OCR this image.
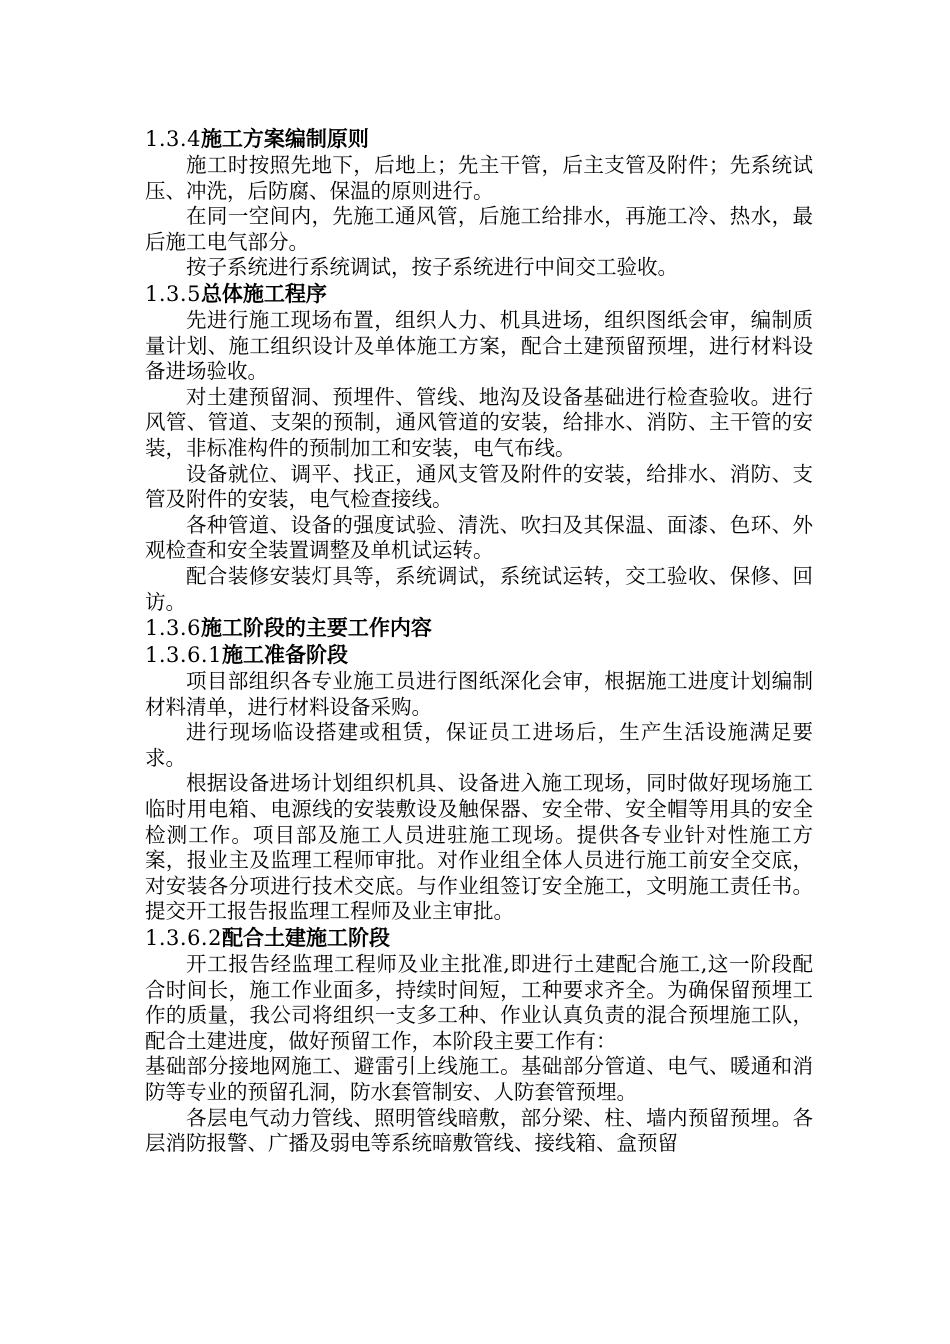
1.3.4施工方案编制原则

施工时按照先地下，后地上；先主干管，后主支管及附件；先系统试压、冲洗，后防腐、保温的原则进行。

在同一空间内，先施工通风管，后施工给排水，再施工冷、热水，最后施工电气部分。

按子系统进行系统调试，按子系统进行中间交工验收。

1.3.5总体施工程序

先进行施工现场布置，组织人力、机具进场，组织图纸会审，编制质量计划、施工组织设计及单体施工方案，配合土建预留预埋，进行材料设备进场验收。

对土建预留洞、预埋件、管线、地沟及设备基础进行检查验收。进行风管、管道、支架的预制，通风管道的安装，给排水、消防、主干管的安装，非标准构件的预制加工和安装，电气布线。

设备就位、调平、找正，通风支管及附件的安装，给排水、消防、支管及附件的安装，电气检查接线。

各种管道、设备的强度试验、清洗、吹扫及其保温、面漆、色环、外观检查和安全装置调整及单机试运转。

配合装修安装灯具等，系统调试，系统试运转，交工验收、保修、回访。

1.3.6施工阶段的主要工作内容
1.3.6.1施工准备阶段

项目部组织各专业施工员进行图纸深化会审，根据施工进度计划编制材料清单，进行材料设备采购。

进行现场临设搭建或租赁，保证员工进场后，生产生活设施满足要求。

根据设备进场计划组织机具、设备进入施工现场，同时做好现场施工临时用电箱、电源线的安装敷设及触保器、安全带、安全帽等用具的安全检测工作。项目部及施工人员进驻施工现场。提供各专业针对性施工方案，报业主及监理工程师审批。对作业组全体人员进行施工前安全交底，对安装各分项进行技术交底。与作业组签订安全施工，文明施工责任书。提交开工报告报监理工程师及业主审批。

1.3.6.2配合土建施工阶段

开工报告经监理工程师及业主批准,即进行土建配合施工,这一阶段配合时间长，施工作业面多，持续时间短，工种要求齐全。为确保留预埋工作的质量，我公司将组织一支多工种、作业认真负责的混合预埋施工队，配合土建进度，做好预留工作，本阶段主要工作有：

基础部分接地网施工、避雷引上线施工。基础部分管道、电气、暖通和消防等专业的预留孔洞，防水套管制安、人防套管预埋。

各层电气动力管线、照明管线暗敷，部分梁、柱、墙内预留预埋。各层消防报警、广播及弱电等系统暗敷管线、接线箱、盒预留
